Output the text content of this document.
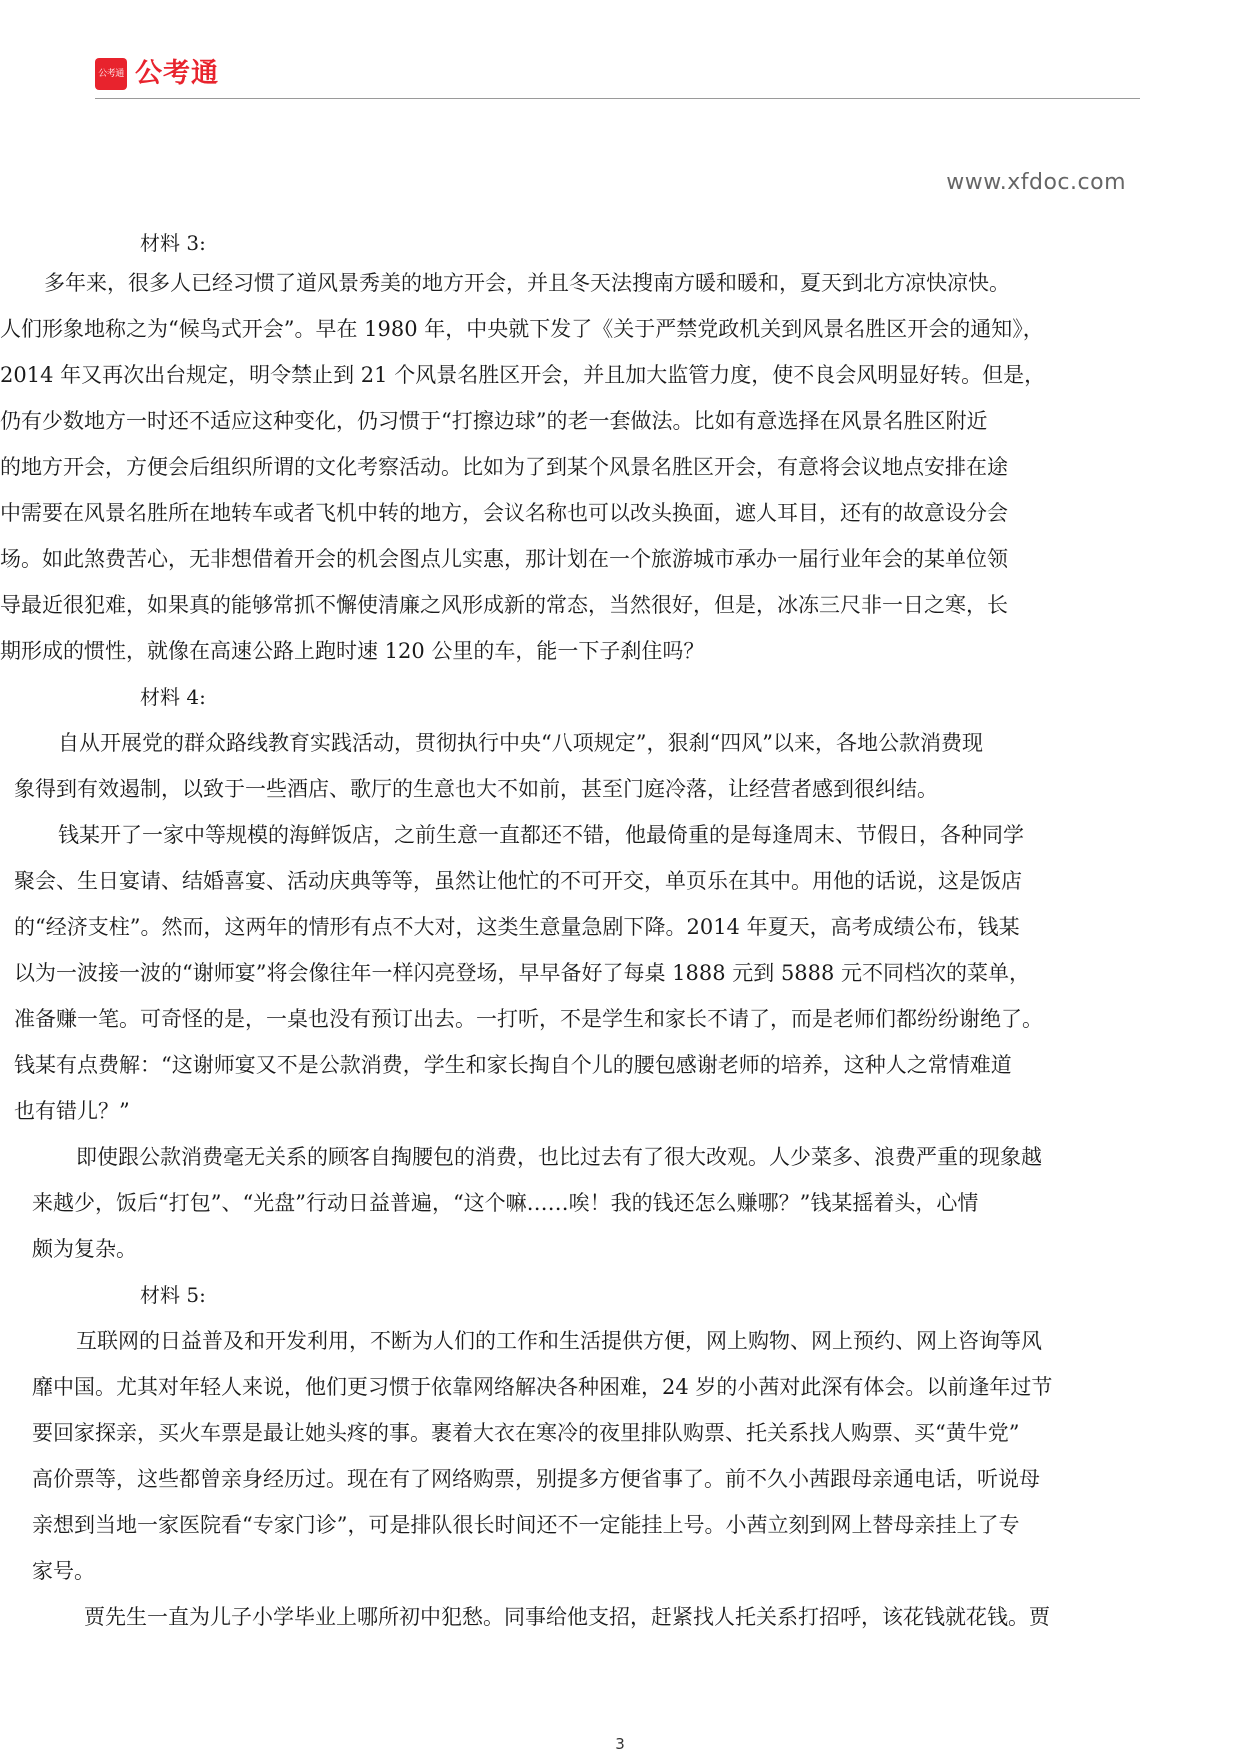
公考通 公考通
www.xfdoc.com
材料 3:
多年来，很多人已经习惯了道风景秀美的地方开会，并且冬天法搜南方暖和暖和，夏天到北方凉快凉快。
人们形象地称之为“候鸟式开会”。早在 1980 年，中央就下发了《关于严禁党政机关到风景名胜区开会的通知》，
2014 年又再次出台规定，明令禁止到 21 个风景名胜区开会，并且加大监管力度，使不良会风明显好转。但是，
仍有少数地方一时还不适应这种变化，仍习惯于“打擦边球”的老一套做法。比如有意选择在风景名胜区附近
的地方开会，方便会后组织所谓的文化考察活动。比如为了到某个风景名胜区开会，有意将会议地点安排在途
中需要在风景名胜所在地转车或者飞机中转的地方，会议名称也可以改头换面，遮人耳目，还有的故意设分会
场。如此煞费苦心，无非想借着开会的机会图点儿实惠，那计划在一个旅游城市承办一届行业年会的某单位领
导最近很犯难，如果真的能够常抓不懈使清廉之风形成新的常态，当然很好，但是，冰冻三尺非一日之寒，长
期形成的惯性，就像在高速公路上跑时速 120 公里的车，能一下子刹住吗？
材料 4:
自从开展党的群众路线教育实践活动，贯彻执行中央“八项规定”，狠刹“四风”以来，各地公款消费现
象得到有效遏制，以致于一些酒店、歌厅的生意也大不如前，甚至门庭冷落，让经营者感到很纠结。
钱某开了一家中等规模的海鲜饭店，之前生意一直都还不错，他最倚重的是每逢周末、节假日，各种同学
聚会、生日宴请、结婚喜宴、活动庆典等等，虽然让他忙的不可开交，单页乐在其中。用他的话说，这是饭店
的“经济支柱”。然而，这两年的情形有点不大对，这类生意量急剧下降。2014 年夏天，高考成绩公布，钱某
以为一波接一波的“谢师宴”将会像往年一样闪亮登场，早早备好了每桌 1888 元到 5888 元不同档次的菜单，
准备赚一笔。可奇怪的是，一桌也没有预订出去。一打听，不是学生和家长不请了，而是老师们都纷纷谢绝了。
钱某有点费解：“这谢师宴又不是公款消费，学生和家长掏自个儿的腰包感谢老师的培养，这种人之常情难道
也有错儿？”
即使跟公款消费毫无关系的顾客自掏腰包的消费，也比过去有了很大改观。人少菜多、浪费严重的现象越
来越少，饭后“打包”、“光盘”行动日益普遍，“这个嘛……唉！我的钱还怎么赚哪？”钱某摇着头，心情
颇为复杂。
材料 5:
互联网的日益普及和开发利用，不断为人们的工作和生活提供方便，网上购物、网上预约、网上咨询等风
靡中国。尤其对年轻人来说，他们更习惯于依靠网络解决各种困难，24 岁的小茜对此深有体会。以前逢年过节
要回家探亲，买火车票是最让她头疼的事。裹着大衣在寒冷的夜里排队购票、托关系找人购票、买“黄牛党”
高价票等，这些都曾亲身经历过。现在有了网络购票，别提多方便省事了。前不久小茜跟母亲通电话，听说母
亲想到当地一家医院看“专家门诊”，可是排队很长时间还不一定能挂上号。小茜立刻到网上替母亲挂上了专
家号。
贾先生一直为儿子小学毕业上哪所初中犯愁。同事给他支招，赶紧找人托关系打招呼，该花钱就花钱。贾
3
